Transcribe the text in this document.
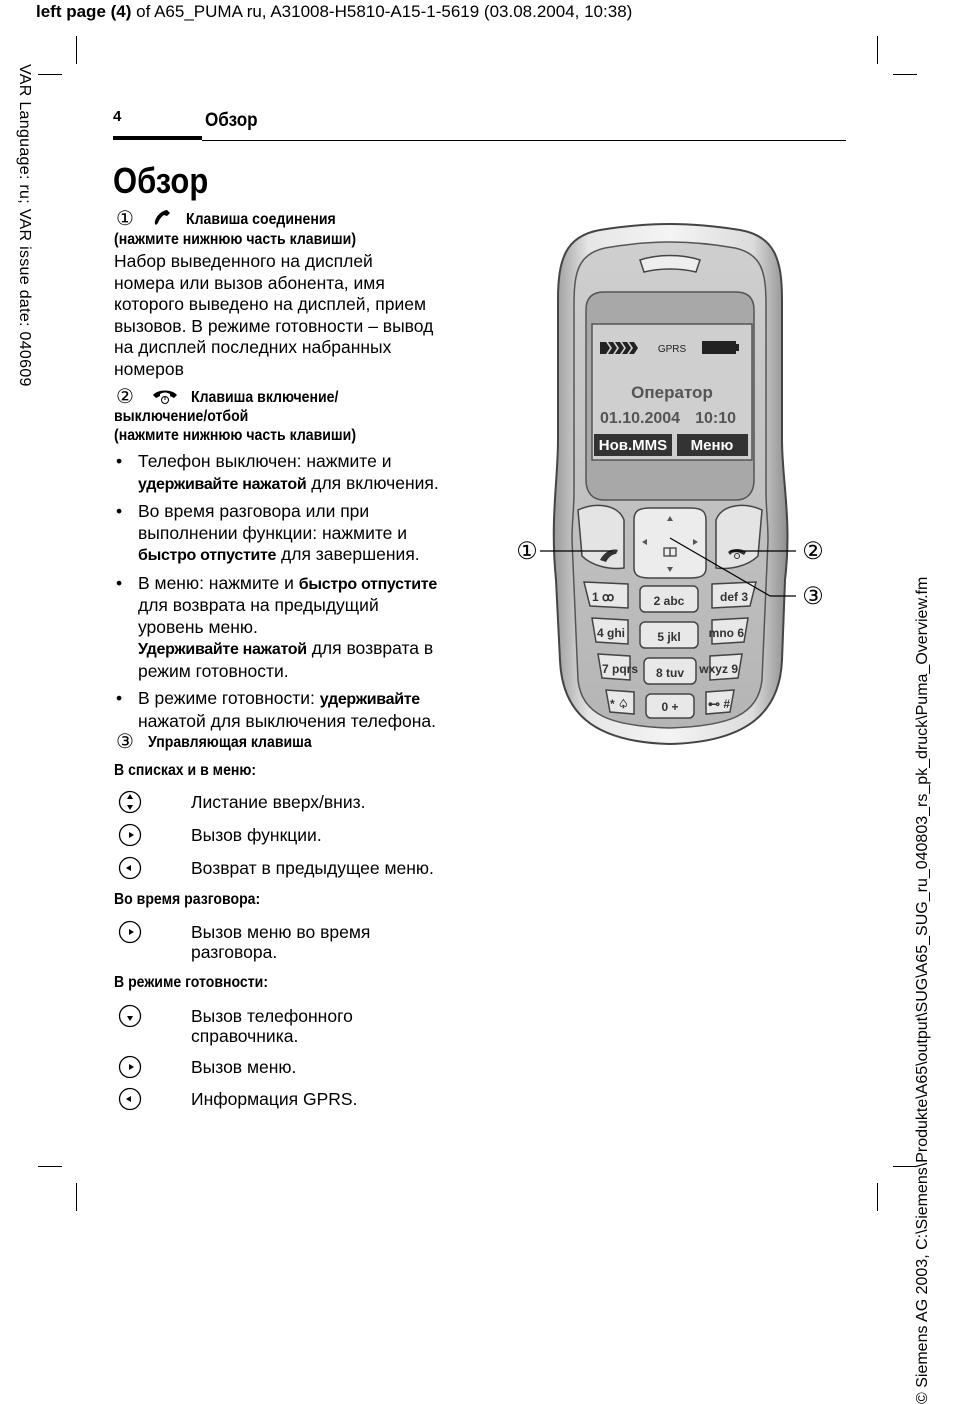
left page (4) of A65_PUMA ru, A31008-H5810-A15-1-5619 (03.08.2004, 10:38)
VAR Language: ru; VAR issue date: 040609
© Siemens AG 2003, C:\Siemens\Produkte\A65\output\SUG\A65_SUG_ru_040803_rs_pk_druck\Puma_Overview.fm
4	Обзор
Обзор
①	Клавиша соединения
(нажмите нижнюю часть клавиши)
Набор выведенного на дисплей
номера или вызов абонента, имя
которого выведено на дисплей, прием
вызовов. В режиме готовности – вывод
на дисплей последних набранных
номеров
②	Клавиша включение/
выключение/отбой
(нажмите нижнюю часть клавиши)
• Телефон выключен: нажмите и
удерживайте нажатой для включения.
• Во время разговора или при
выполнении функции: нажмите и
быстро отпустите для завершения.
• В меню: нажмите и быстро отпустите
для возврата на предыдущий
уровень меню.
Удерживайте нажатой для возврата в
режим готовности.
• В режиме готовности: удерживайте
нажатой для выключения телефона.
③ Управляющая клавиша
В списках и в меню:
Листание вверх/вниз.
Вызов функции.
Возврат в предыдущее меню.
Во время разговора:
Вызов меню во время
разговора.
В режиме готовности:
Вызов телефонного
справочника.
Вызов меню.
Информация GPRS.
GPRS
Оператор
01.10.2004 10:10
Нов.MMS Меню
1 ꝏ	2 abc	def 3
4 ghi	5 jkl mno 6
7 pqrs 8 tuv wxyz 9
* ♤	0 + ⊷ #
①	②
③
